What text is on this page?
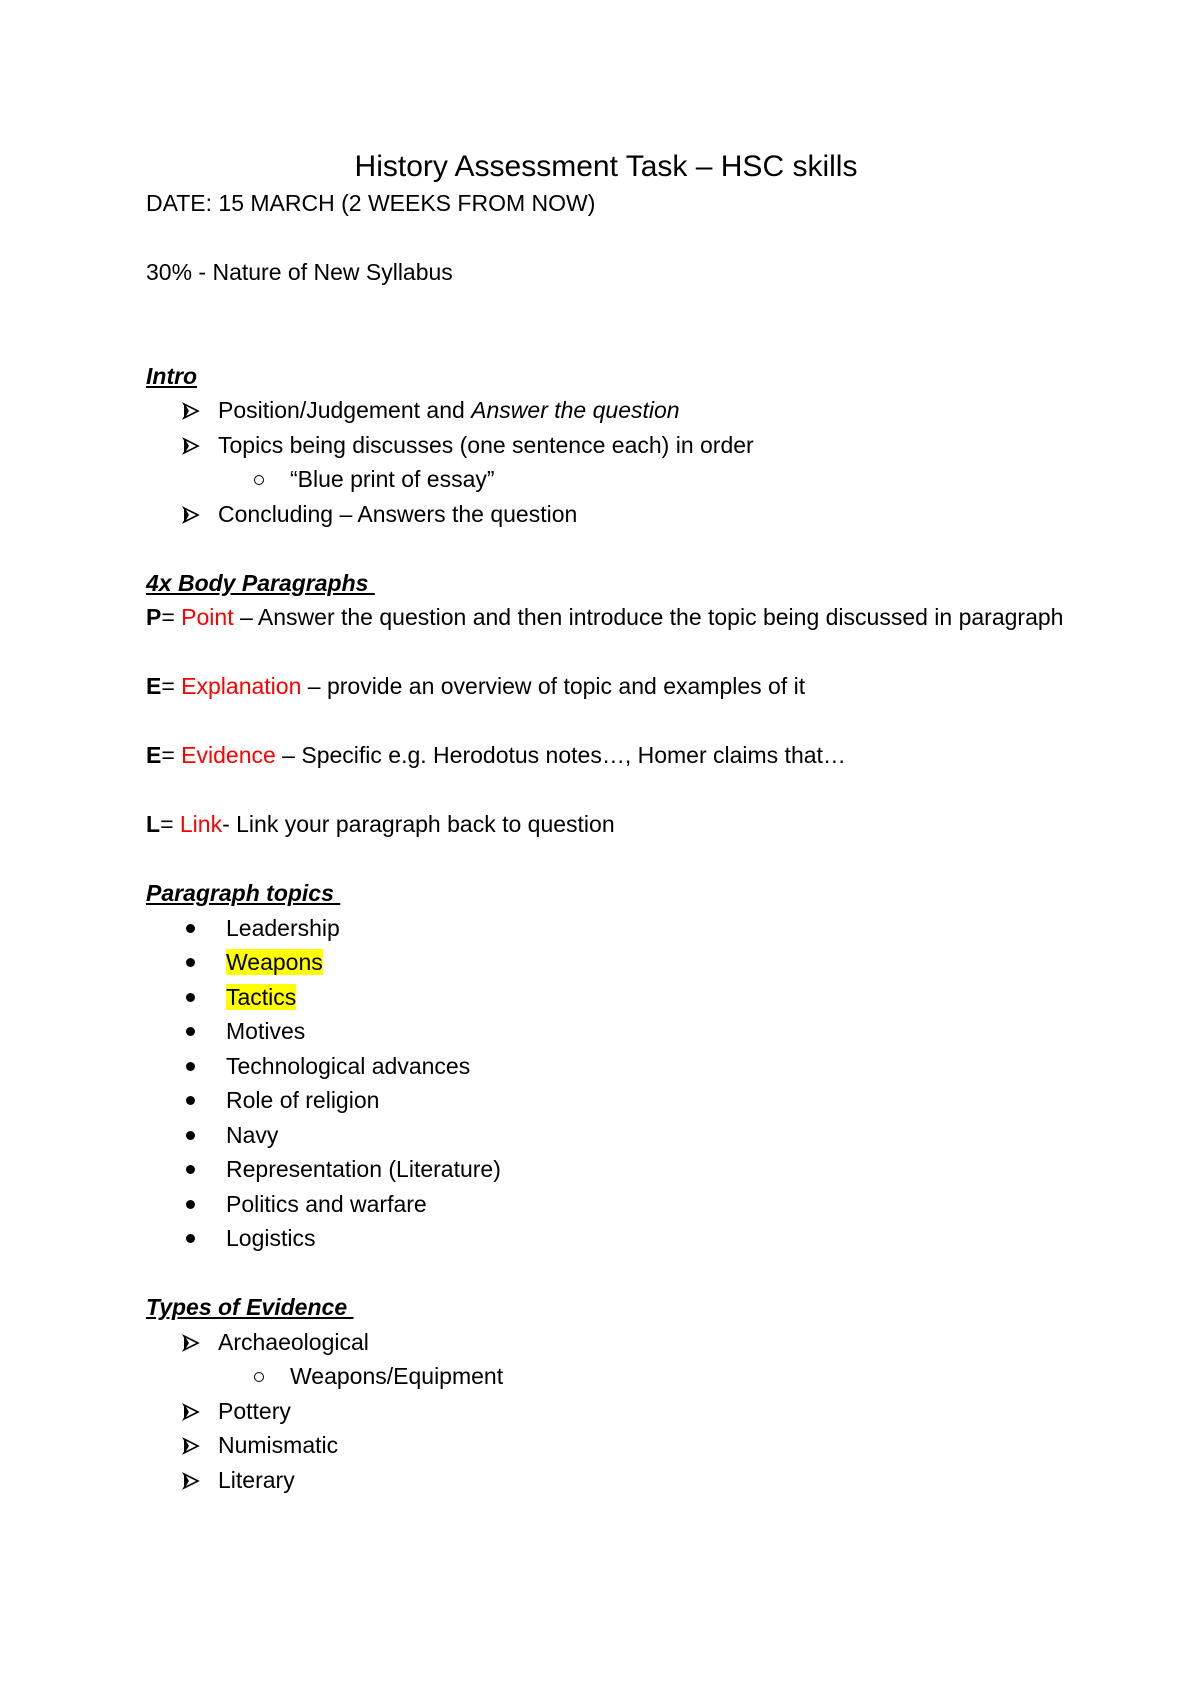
History Assessment Task – HSC skills

DATE: 15 MARCH (2 WEEKS FROM NOW)

30% - Nature of New Syllabus

Intro

Position/Judgement and Answer the question
Topics being discusses (one sentence each) in order
“Blue print of essay”
Concluding – Answers the question

4x Body Paragraphs

P= Point – Answer the question and then introduce the topic being discussed in paragraph

E= Explanation – provide an overview of topic and examples of it

E= Evidence – Specific e.g. Herodotus notes…, Homer claims that…

L= Link- Link your paragraph back to question

Paragraph topics

Leadership
Weapons
Tactics
Motives
Technological advances
Role of religion
Navy
Representation (Literature)
Politics and warfare
Logistics

Types of Evidence

Archaeological
Weapons/Equipment
Pottery
Numismatic
Literary
